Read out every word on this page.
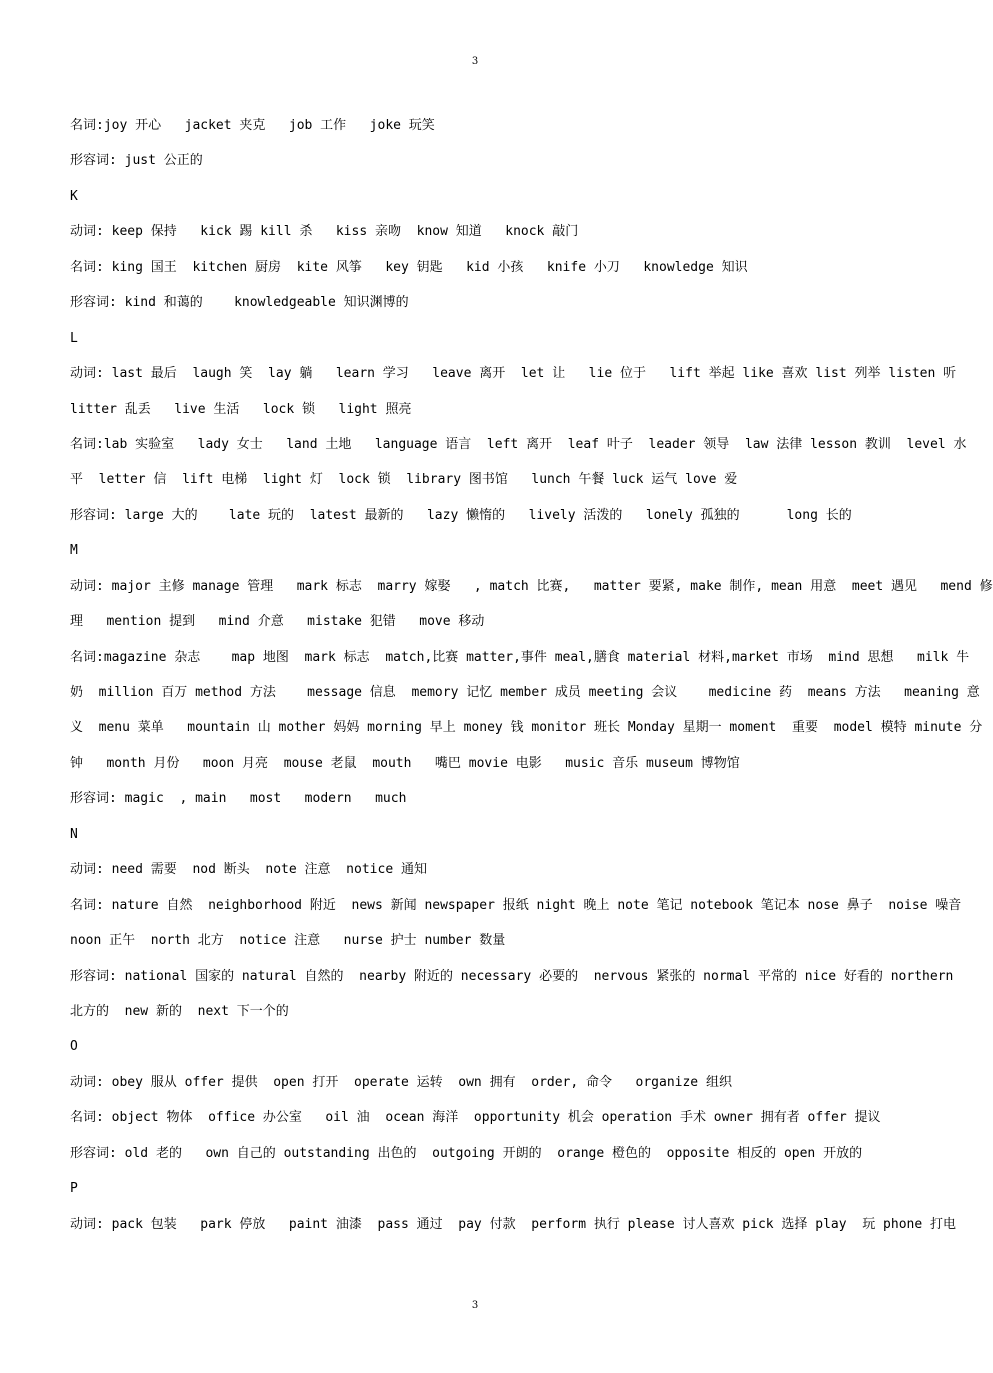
3
名词:joy 开心   jacket 夹克   job 工作   joke 玩笑
形容词: just 公正的
K
动词: keep 保持   kick 踢 kill 杀   kiss 亲吻  know 知道   knock 敲门
名词: king 国王  kitchen 厨房  kite 风筝   key 钥匙   kid 小孩   knife 小刀   knowledge 知识
形容词: kind 和蔼的    knowledgeable 知识渊博的
L
动词: last 最后  laugh 笑  lay 躺   learn 学习   leave 离开  let 让   lie 位于   lift 举起 like 喜欢 list 列举 listen 听
litter 乱丢   live 生活   lock 锁   light 照亮
名词:lab 实验室   lady 女士   land 土地   language 语言  left 离开  leaf 叶子  leader 领导  law 法律 lesson 教训  level 水
平  letter 信  lift 电梯  light 灯  lock 锁  library 图书馆   lunch 午餐 luck 运气 love 爱
形容词: large 大的    late 玩的  latest 最新的   lazy 懒惰的   lively 活泼的   lonely 孤独的      long 长的
M
动词: major 主修 manage 管理   mark 标志  marry 嫁娶   , match 比赛,   matter 要紧, make 制作, mean 用意  meet 遇见   mend 修
理   mention 提到   mind 介意   mistake 犯错   move 移动
名词:magazine 杂志    map 地图  mark 标志  match,比赛 matter,事件 meal,膳食 material 材料,market 市场  mind 思想   milk 牛
奶  million 百万 method 方法    message 信息  memory 记忆 member 成员 meeting 会议    medicine 药  means 方法   meaning 意
义  menu 菜单   mountain 山 mother 妈妈 morning 早上 money 钱 monitor 班长 Monday 星期一 moment  重要  model 模特 minute 分
钟   month 月份   moon 月亮  mouse 老鼠  mouth   嘴巴 movie 电影   music 音乐 museum 博物馆
形容词: magic  , main   most   modern   much
N
动词: need 需要  nod 断头  note 注意  notice 通知
名词: nature 自然  neighborhood 附近  news 新闻 newspaper 报纸 night 晚上 note 笔记 notebook 笔记本 nose 鼻子  noise 噪音
noon 正午  north 北方  notice 注意   nurse 护士 number 数量
形容词: national 国家的 natural 自然的  nearby 附近的 necessary 必要的  nervous 紧张的 normal 平常的 nice 好看的 northern
北方的  new 新的  next 下一个的
O
动词: obey 服从 offer 提供  open 打开  operate 运转  own 拥有  order, 命令   organize 组织
名词: object 物体  office 办公室   oil 油  ocean 海洋  opportunity 机会 operation 手术 owner 拥有者 offer 提议
形容词: old 老的   own 自己的 outstanding 出色的  outgoing 开朗的  orange 橙色的  opposite 相反的 open 开放的
P
动词: pack 包装   park 停放   paint 油漆  pass 通过  pay 付款  perform 执行 please 讨人喜欢 pick 选择 play  玩 phone 打电
3
